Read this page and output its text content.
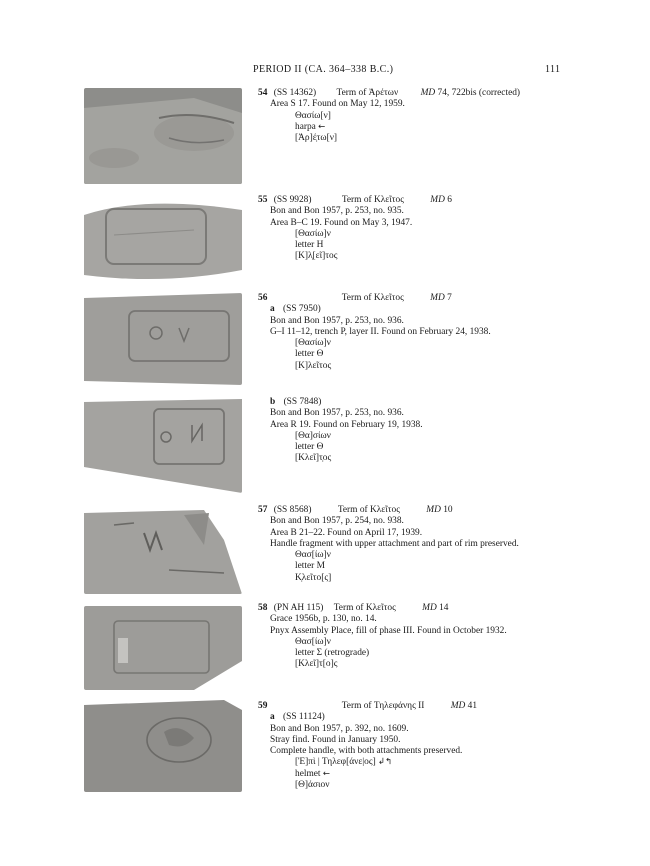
PERIOD II (CA. 364–338 B.C.)	111
54 (SS 14362) Term of Ἀρέτων MD 74, 722bis (corrected)
Area S 17. Found on May 12, 1959.
Θασίω[ν]
harpa ←
[Ἀρ]έ̣τω[ν]
55 (SS 9928)	Term of Κλεῖτος	MD 6
Bon and Bon 1957, p. 253, no. 935.
Area B–C 19. Found on May 3, 1947.
[Θασίω]ν
letter H
[Κ]λ̣[εῖ]τος
56	Term of Κλεῖτος	MD 7
a (SS 7950)
Bon and Bon 1957, p. 253, no. 936.
G–I 11–12, trench P, layer II. Found on February 24, 1938.
[Θασίω]ν
letter Θ
[Κ]λεῖτος
b (SS 7848)
Bon and Bon 1957, p. 253, no. 936.
Area R 19. Found on February 19, 1938.
[Θα]σίων
letter Θ
[Κλεῖ]τ̣ος
57 (SS 8568)	Term of Κλεῖτος	MD 10
Bon and Bon 1957, p. 254, no. 938.
Area B 21–22. Found on April 17, 1939.
Handle fragment with upper attachment and part of rim preserved.
Θασ[ίω]ν
letter M
Κ̣λεῖτο[ς]
58 (PN AH 115) Term of Κλεῖτος	MD 14
Grace 1956b, p. 130, no. 14.
Pnyx Assembly Place, fill of phase III. Found in October 1932.
Θασ[ίω]ν
letter Σ (retrograde)
[Κλεῖ]τ[ο]ς
59	Term of Τηλεφάνης II	MD 41
a (SS 11124)
Bon and Bon 1957, p. 392, no. 1609.
Stray find. Found in January 1950.
Complete handle, with both attachments preserved.
[Ἐ]πὶ | Τηλεφ[άνε|ος] ↲↰
helmet ←
[Θ]άσιον
